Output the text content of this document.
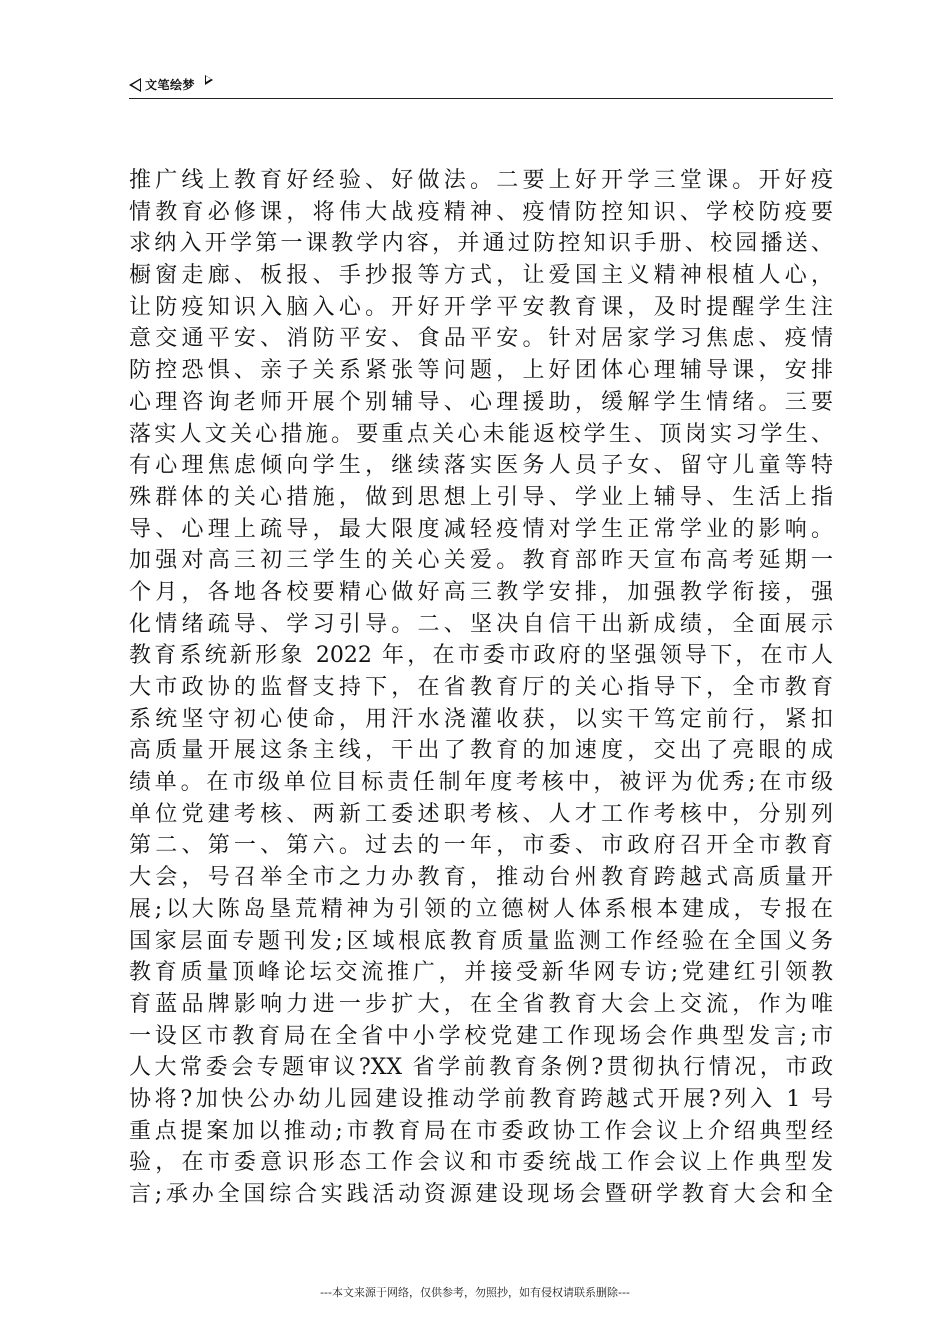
文笔绘梦
推广线上教育好经验、好做法。二要上好开学三堂课。开好疫
情教育必修课，将伟大战疫精神、疫情防控知识、学校防疫要
求纳入开学第一课教学内容，并通过防控知识手册、校园播送、
橱窗走廊、板报、手抄报等方式，让爱国主义精神根植人心，
让防疫知识入脑入心。开好开学平安教育课，及时提醒学生注
意交通平安、消防平安、食品平安。针对居家学习焦虑、疫情
防控恐惧、亲子关系紧张等问题，上好团体心理辅导课，安排
心理咨询老师开展个别辅导、心理援助，缓解学生情绪。三要
落实人文关心措施。要重点关心未能返校学生、顶岗实习学生、
有心理焦虑倾向学生，继续落实医务人员子女、留守儿童等特
殊群体的关心措施，做到思想上引导、学业上辅导、生活上指
导、心理上疏导，最大限度减轻疫情对学生正常学业的影响。
加强对高三初三学生的关心关爱。教育部昨天宣布高考延期一
个月，各地各校要精心做好高三教学安排，加强教学衔接，强
化情绪疏导、学习引导。二、坚决自信干出新成绩，全面展示
教育系统新形象 2022 年，在市委市政府的坚强领导下，在市人
大市政协的监督支持下，在省教育厅的关心指导下，全市教育
系统坚守初心使命，用汗水浇灌收获，以实干笃定前行，紧扣
高质量开展这条主线，干出了教育的加速度，交出了亮眼的成
绩单。在市级单位目标责任制年度考核中，被评为优秀;在市级
单位党建考核、两新工委述职考核、人才工作考核中，分别列
第二、第一、第六。过去的一年，市委、市政府召开全市教育
大会，号召举全市之力办教育，推动台州教育跨越式高质量开
展;以大陈岛垦荒精神为引领的立德树人体系根本建成，专报在
国家层面专题刊发;区域根底教育质量监测工作经验在全国义务
教育质量顶峰论坛交流推广，并接受新华网专访;党建红引领教
育蓝品牌影响力进一步扩大，在全省教育大会上交流，作为唯
一设区市教育局在全省中小学校党建工作现场会作典型发言;市
人大常委会专题审议?XX 省学前教育条例?贯彻执行情况，市政
协将?加快公办幼儿园建设推动学前教育跨越式开展?列入 1 号
重点提案加以推动;市教育局在市委政协工作会议上介绍典型经
验，在市委意识形态工作会议和市委统战工作会议上作典型发
言;承办全国综合实践活动资源建设现场会暨研学教育大会和全
---本文来源于网络，仅供参考，勿照抄，如有侵权请联系删除---
